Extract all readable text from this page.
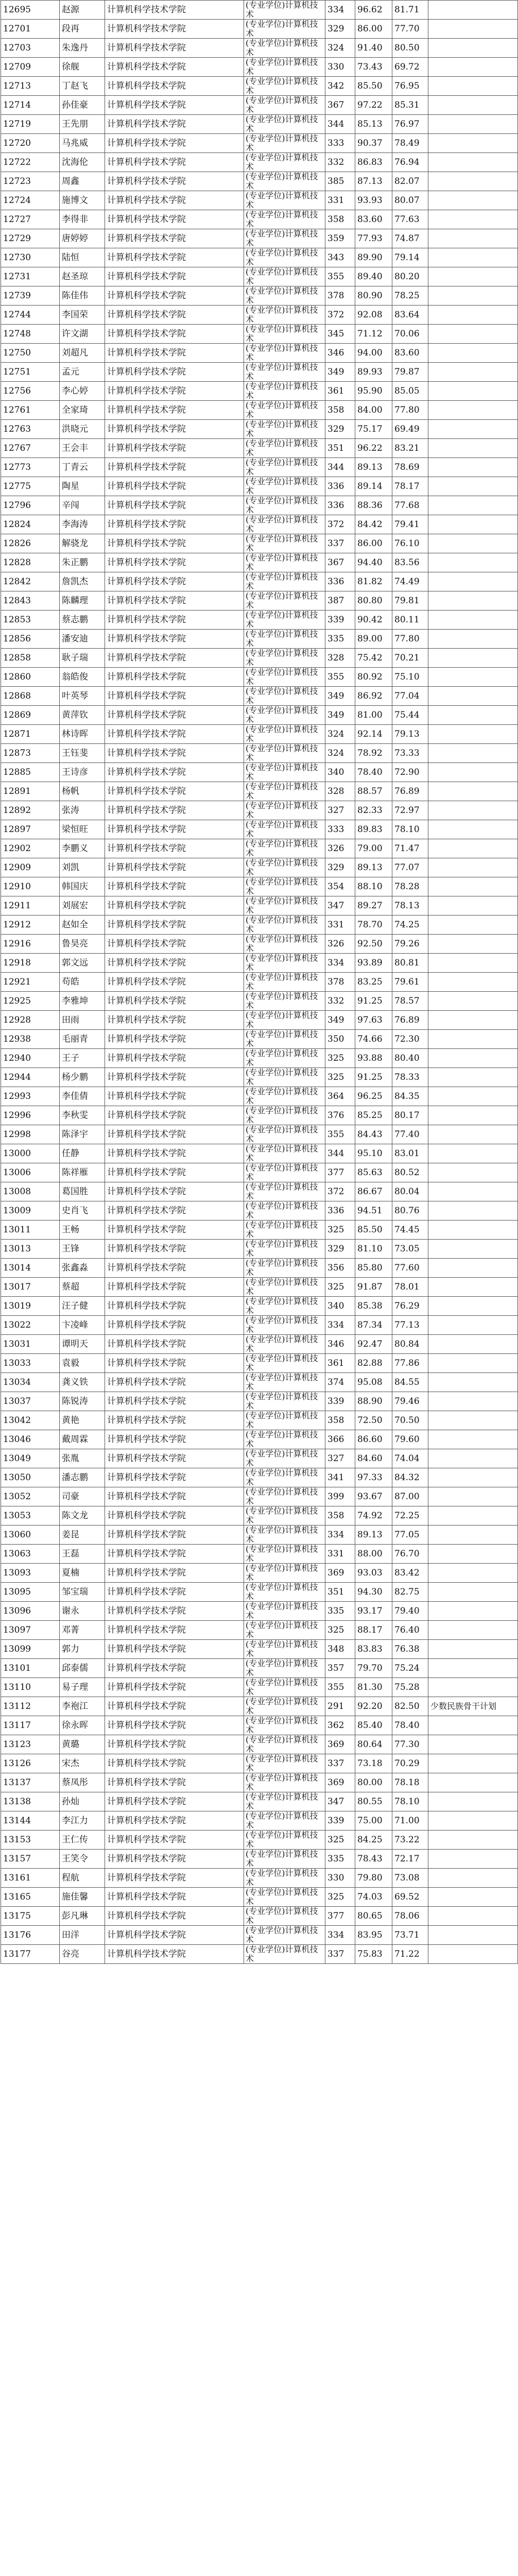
12695	赵源	计算机科学技术学院	(专业学位)计算机技术	334	96.62	81.71	
12701	段再	计算机科学技术学院	(专业学位)计算机技术	329	86.00	77.70	
12703	朱逸丹	计算机科学技术学院	(专业学位)计算机技术	324	91.40	80.50	
12709	徐舰	计算机科学技术学院	(专业学位)计算机技术	330	73.43	69.72	
12713	丁赵飞	计算机科学技术学院	(专业学位)计算机技术	342	85.50	76.95	
12714	孙佳豪	计算机科学技术学院	(专业学位)计算机技术	367	97.22	85.31	
12719	王先朋	计算机科学技术学院	(专业学位)计算机技术	344	85.13	76.97	
12720	马兆威	计算机科学技术学院	(专业学位)计算机技术	333	90.37	78.49	
12722	沈海伦	计算机科学技术学院	(专业学位)计算机技术	332	86.83	76.94	
12723	周鑫	计算机科学技术学院	(专业学位)计算机技术	385	87.13	82.07	
12724	施博文	计算机科学技术学院	(专业学位)计算机技术	331	93.93	80.07	
12727	李得非	计算机科学技术学院	(专业学位)计算机技术	358	83.60	77.63	
12729	唐婷婷	计算机科学技术学院	(专业学位)计算机技术	359	77.93	74.87	
12730	陆恒	计算机科学技术学院	(专业学位)计算机技术	343	89.90	79.14	
12731	赵圣琼	计算机科学技术学院	(专业学位)计算机技术	355	89.40	80.20	
12739	陈佳伟	计算机科学技术学院	(专业学位)计算机技术	378	80.90	78.25	
12744	李国荣	计算机科学技术学院	(专业学位)计算机技术	372	92.08	83.64	
12748	许文湖	计算机科学技术学院	(专业学位)计算机技术	345	71.12	70.06	
12750	刘超凡	计算机科学技术学院	(专业学位)计算机技术	346	94.00	83.60	
12751	孟元	计算机科学技术学院	(专业学位)计算机技术	349	89.93	79.87	
12756	李心婷	计算机科学技术学院	(专业学位)计算机技术	361	95.90	85.05	
12761	全家琦	计算机科学技术学院	(专业学位)计算机技术	358	84.00	77.80	
12763	洪晓元	计算机科学技术学院	(专业学位)计算机技术	329	75.17	69.49	
12767	王会丰	计算机科学技术学院	(专业学位)计算机技术	351	96.22	83.21	
12773	丁青云	计算机科学技术学院	(专业学位)计算机技术	344	89.13	78.69	
12775	陶星	计算机科学技术学院	(专业学位)计算机技术	336	89.14	78.17	
12796	辛闯	计算机科学技术学院	(专业学位)计算机技术	336	88.36	77.68	
12824	李海涛	计算机科学技术学院	(专业学位)计算机技术	372	84.42	79.41	
12826	解骁龙	计算机科学技术学院	(专业学位)计算机技术	337	86.00	76.10	
12828	朱正鹏	计算机科学技术学院	(专业学位)计算机技术	367	94.40	83.56	
12842	詹凯杰	计算机科学技术学院	(专业学位)计算机技术	336	81.82	74.49	
12843	陈麟理	计算机科学技术学院	(专业学位)计算机技术	387	80.80	79.81	
12853	蔡志鹏	计算机科学技术学院	(专业学位)计算机技术	339	90.42	80.11	
12856	潘安迪	计算机科学技术学院	(专业学位)计算机技术	335	89.00	77.80	
12858	耿子瑞	计算机科学技术学院	(专业学位)计算机技术	328	75.42	70.21	
12860	翁皓俊	计算机科学技术学院	(专业学位)计算机技术	355	80.92	75.10	
12868	叶英琴	计算机科学技术学院	(专业学位)计算机技术	349	86.92	77.04	
12869	黄萍钦	计算机科学技术学院	(专业学位)计算机技术	349	81.00	75.44	
12871	林诗晖	计算机科学技术学院	(专业学位)计算机技术	324	92.14	79.13	
12873	王钰斐	计算机科学技术学院	(专业学位)计算机技术	324	78.92	73.33	
12885	王诗彦	计算机科学技术学院	(专业学位)计算机技术	340	78.40	72.90	
12891	杨帆	计算机科学技术学院	(专业学位)计算机技术	328	88.57	76.89	
12892	张涛	计算机科学技术学院	(专业学位)计算机技术	327	82.33	72.97	
12897	梁恒旺	计算机科学技术学院	(专业学位)计算机技术	333	89.83	78.10	
12902	李鹏义	计算机科学技术学院	(专业学位)计算机技术	326	79.00	71.47	
12909	刘凯	计算机科学技术学院	(专业学位)计算机技术	329	89.13	77.07	
12910	韩国庆	计算机科学技术学院	(专业学位)计算机技术	354	88.10	78.28	
12911	刘展宏	计算机科学技术学院	(专业学位)计算机技术	347	89.27	78.13	
12912	赵如全	计算机科学技术学院	(专业学位)计算机技术	331	78.70	74.25	
12916	鲁昊亮	计算机科学技术学院	(专业学位)计算机技术	326	92.50	79.26	
12918	郭文远	计算机科学技术学院	(专业学位)计算机技术	334	93.89	80.81	
12921	苟皓	计算机科学技术学院	(专业学位)计算机技术	378	83.25	79.61	
12925	李雅坤	计算机科学技术学院	(专业学位)计算机技术	332	91.25	78.57	
12928	田雨	计算机科学技术学院	(专业学位)计算机技术	349	97.63	76.89	
12938	毛丽青	计算机科学技术学院	(专业学位)计算机技术	350	74.66	72.30	
12940	王子	计算机科学技术学院	(专业学位)计算机技术	325	93.88	80.40	
12944	杨少鹏	计算机科学技术学院	(专业学位)计算机技术	325	91.25	78.33	
12993	李佳倩	计算机科学技术学院	(专业学位)计算机技术	364	96.25	84.35	
12996	李秋雯	计算机科学技术学院	(专业学位)计算机技术	376	85.25	80.17	
12998	陈泽宇	计算机科学技术学院	(专业学位)计算机技术	355	84.43	77.40	
13000	任静	计算机科学技术学院	(专业学位)计算机技术	344	95.10	83.01	
13006	陈祥雁	计算机科学技术学院	(专业学位)计算机技术	377	85.63	80.52	
13008	葛国胜	计算机科学技术学院	(专业学位)计算机技术	372	86.67	80.04	
13009	史肖飞	计算机科学技术学院	(专业学位)计算机技术	336	94.51	80.76	
13011	王畅	计算机科学技术学院	(专业学位)计算机技术	325	85.50	74.45	
13013	王锋	计算机科学技术学院	(专业学位)计算机技术	329	81.10	73.05	
13014	张鑫淼	计算机科学技术学院	(专业学位)计算机技术	356	85.80	77.60	
13017	蔡超	计算机科学技术学院	(专业学位)计算机技术	325	91.87	78.01	
13019	汪子健	计算机科学技术学院	(专业学位)计算机技术	340	85.38	76.29	
13022	卞凌峰	计算机科学技术学院	(专业学位)计算机技术	334	87.34	77.13	
13031	谭明天	计算机科学技术学院	(专业学位)计算机技术	346	92.47	80.84	
13033	袁毅	计算机科学技术学院	(专业学位)计算机技术	361	82.88	77.86	
13034	龚义铁	计算机科学技术学院	(专业学位)计算机技术	374	95.08	84.55	
13037	陈锐涛	计算机科学技术学院	(专业学位)计算机技术	339	88.90	79.46	
13042	黄艳	计算机科学技术学院	(专业学位)计算机技术	358	72.50	70.50	
13046	戴周霖	计算机科学技术学院	(专业学位)计算机技术	366	86.60	79.60	
13049	张胤	计算机科学技术学院	(专业学位)计算机技术	327	84.60	74.04	
13050	潘志鹏	计算机科学技术学院	(专业学位)计算机技术	341	97.33	84.32	
13052	司豪	计算机科学技术学院	(专业学位)计算机技术	399	93.67	87.00	
13053	陈文龙	计算机科学技术学院	(专业学位)计算机技术	358	74.92	72.25	
13060	姜昆	计算机科学技术学院	(专业学位)计算机技术	334	89.13	77.05	
13063	王磊	计算机科学技术学院	(专业学位)计算机技术	331	88.00	76.70	
13093	夏楠	计算机科学技术学院	(专业学位)计算机技术	369	93.03	83.42	
13095	邹宝瑞	计算机科学技术学院	(专业学位)计算机技术	351	94.30	82.75	
13096	谢永	计算机科学技术学院	(专业学位)计算机技术	335	93.17	79.40	
13097	邓菁	计算机科学技术学院	(专业学位)计算机技术	325	88.17	76.40	
13099	郭力	计算机科学技术学院	(专业学位)计算机技术	348	83.83	76.38	
13101	邱泰儒	计算机科学技术学院	(专业学位)计算机技术	357	79.70	75.24	
13110	易子理	计算机科学技术学院	(专业学位)计算机技术	355	81.30	75.28	
13112	李袍江	计算机科学技术学院	(专业学位)计算机技术	291	92.20	82.50	少数民族骨干计划
13117	徐永晖	计算机科学技术学院	(专业学位)计算机技术	362	85.40	78.40	
13123	黄璐	计算机科学技术学院	(专业学位)计算机技术	369	80.64	77.30	
13126	宋杰	计算机科学技术学院	(专业学位)计算机技术	337	73.18	70.29	
13137	蔡凤彤	计算机科学技术学院	(专业学位)计算机技术	369	80.00	78.18	
13138	孙灿	计算机科学技术学院	(专业学位)计算机技术	347	80.55	78.10	
13144	李江力	计算机科学技术学院	(专业学位)计算机技术	339	75.00	71.00	
13153	王仁传	计算机科学技术学院	(专业学位)计算机技术	325	84.25	73.22	
13157	王笑令	计算机科学技术学院	(专业学位)计算机技术	335	78.43	72.17	
13161	程航	计算机科学技术学院	(专业学位)计算机技术	330	79.80	73.08	
13165	施佳馨	计算机科学技术学院	(专业学位)计算机技术	325	74.03	69.52	
13175	彭凡琳	计算机科学技术学院	(专业学位)计算机技术	377	80.65	78.06	
13176	田洋	计算机科学技术学院	(专业学位)计算机技术	334	83.95	73.71	
13177	谷亮	计算机科学技术学院	(专业学位)计算机技术	337	75.83	71.22	
